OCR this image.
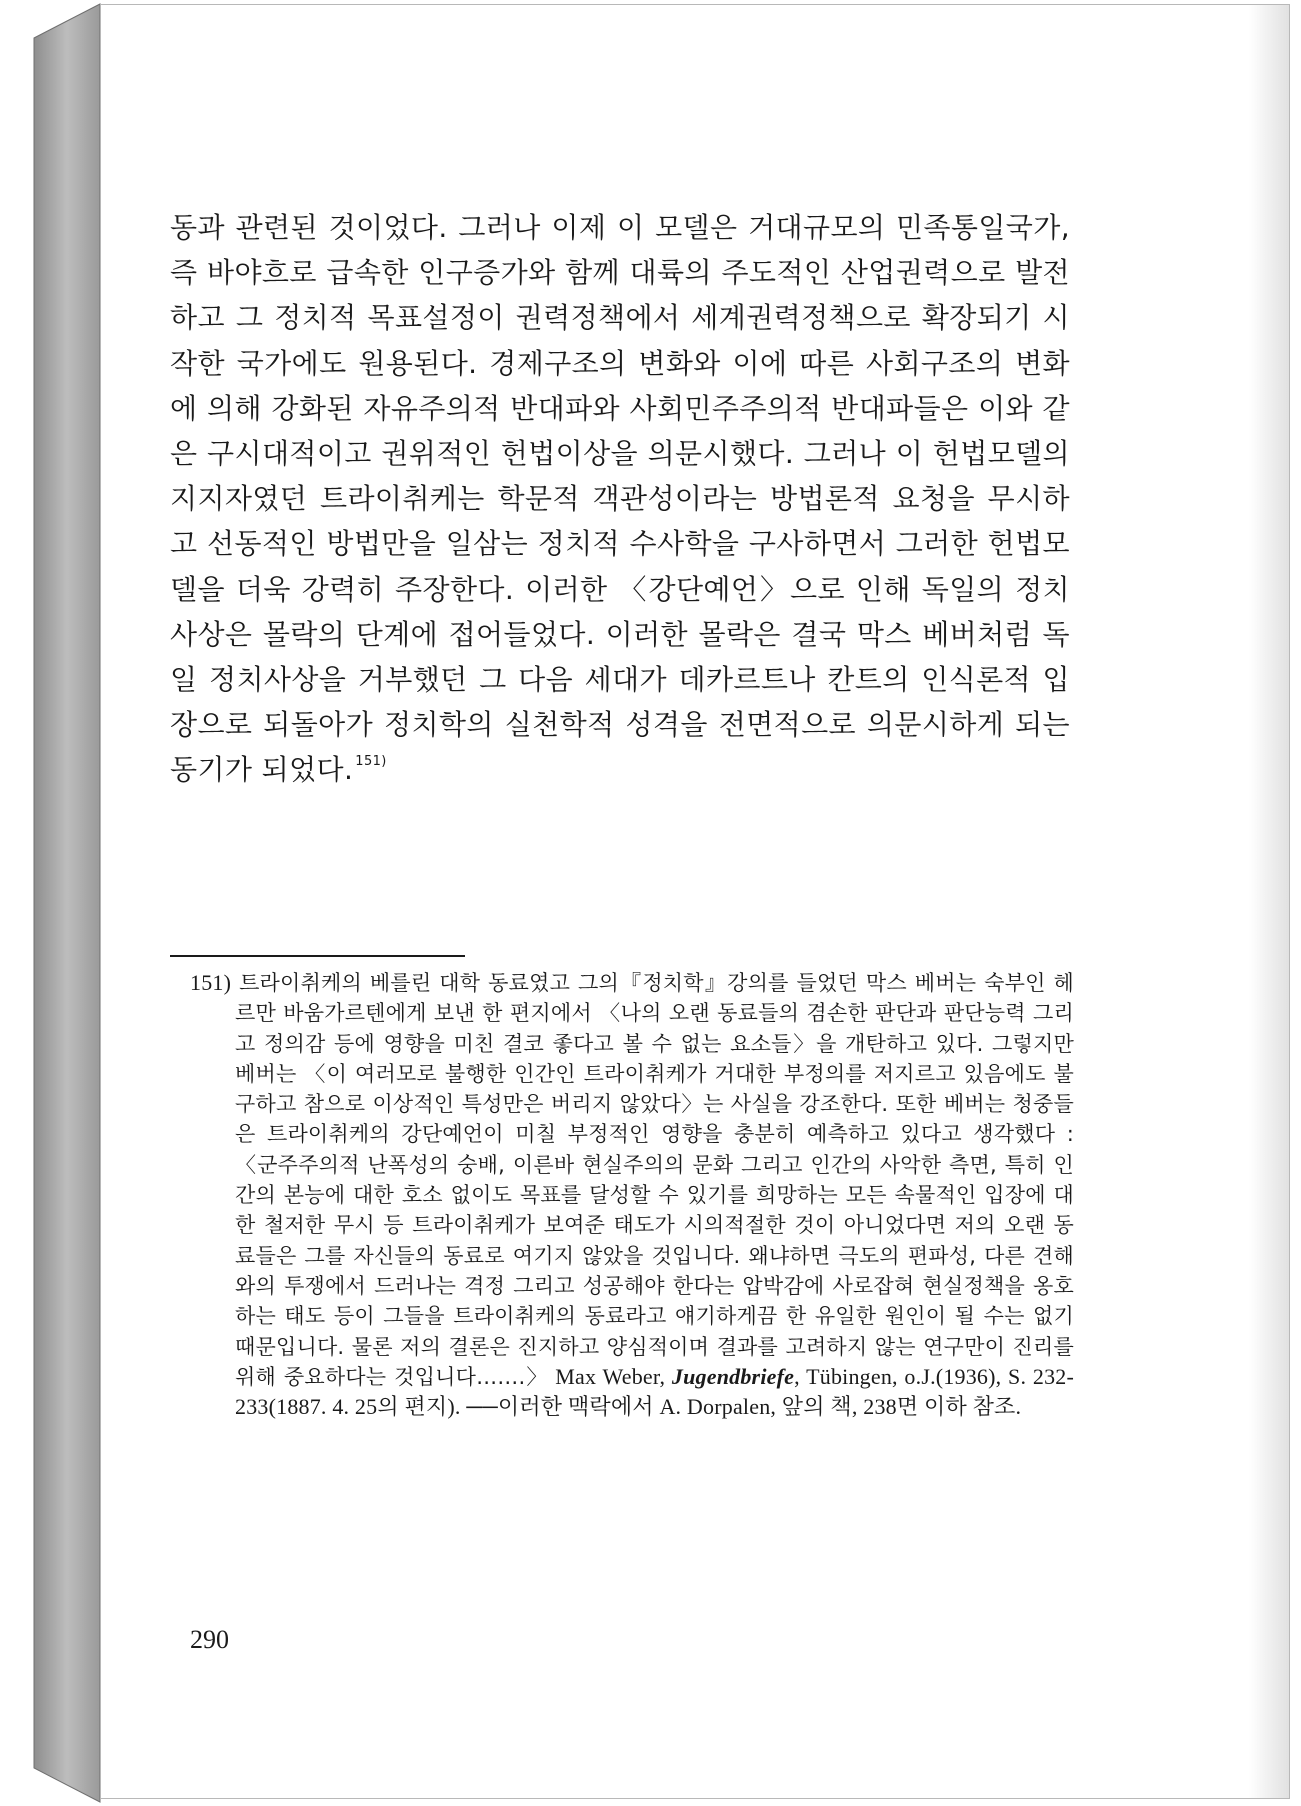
동과 관련된 것이었다. 그러나 이제 이 모델은 거대규모의 민족통일국가, 즉 바야흐로 급속한 인구증가와 함께 대륙의 주도적인 산업권력으로 발전하고 그 정치적 목표설정이 권력정책에서 세계권력정책으로 확장되기 시작한 국가에도 원용된다. 경제구조의 변화와 이에 따른 사회구조의 변화에 의해 강화된 자유주의적 반대파와 사회민주주의적 반대파들은 이와 같은 구시대적이고 권위적인 헌법이상을 의문시했다. 그러나 이 헌법모델의 지지자였던 트라이취케는 학문적 객관성이라는 방법론적 요청을 무시하고 선동적인 방법만을 일삼는 정치적 수사학을 구사하면서 그러한 헌법모델을 더욱 강력히 주장한다. 이러한 〈강단예언〉으로 인해 독일의 정치사상은 몰락의 단계에 접어들었다. 이러한 몰락은 결국 막스 베버처럼 독일 정치사상을 거부했던 그 다음 세대가 데카르트나 칸트의 인식론적 입장으로 되돌아가 정치학의 실천학적 성격을 전면적으로 의문시하게 되는 동기가 되었다. $^{151)}$

151) 트라이취케의 베를린 대학 동료였고 그의『정치학』강의를 들었던 막스 베버는 숙부인 헤르만 바움가르텐에게 보낸 한 편지에서 〈나의 오랜 동료들의 겸손한 판단과 판단능력 그리고 정의감 등에 영향을 미친 결코 좋다고 볼 수 없는 요소들〉을 개탄하고 있다. 그렇지만 베버는 〈이 여러모로 불행한 인간인 트라이취케가 거대한 부정의를 저지르고 있음에도 불구하고 참으로 이상적인 특성만은 버리지 않았다〉는 사실을 강조한다. 또한 베버는 청중들은 트라이취케의 강단예언이 미칠 부정적인 영향을 충분히 예측하고 있다고 생각했다 : 〈군주주의적 난폭성의 숭배, 이른바 현실주의의 문화 그리고 인간의 사악한 측면, 특히 인간의 본능에 대한 호소 없이도 목표를 달성할 수 있기를 희망하는 모든 속물적인 입장에 대한 철저한 무시 등 트라이취케가 보여준 태도가 시의적절한 것이 아니었다면 저의 오랜 동료들은 그를 자신들의 동료로 여기지 않았을 것입니다. 왜냐하면 극도의 편파성, 다른 견해와의 투쟁에서 드러나는 격정 그리고 성공해야 한다는 압박감에 사로잡혀 현실정책을 옹호하는 태도 등이 그들을 트라이취케의 동료라고 얘기하게끔 한 유일한 원인이 될 수는 없기 때문입니다. 물론 저의 결론은 진지하고 양심적이며 결과를 고려하지 않는 연구만이 진리를 위해 중요하다는 것입니다…….〉 Max Weber, Jugendbriefe, Tübingen, o.J.(1936), S. 232-233(1887. 4. 25의 편지). ──이러한 맥락에서 A. Dorpalen, 앞의 책, 238면 이하 참조.
290
